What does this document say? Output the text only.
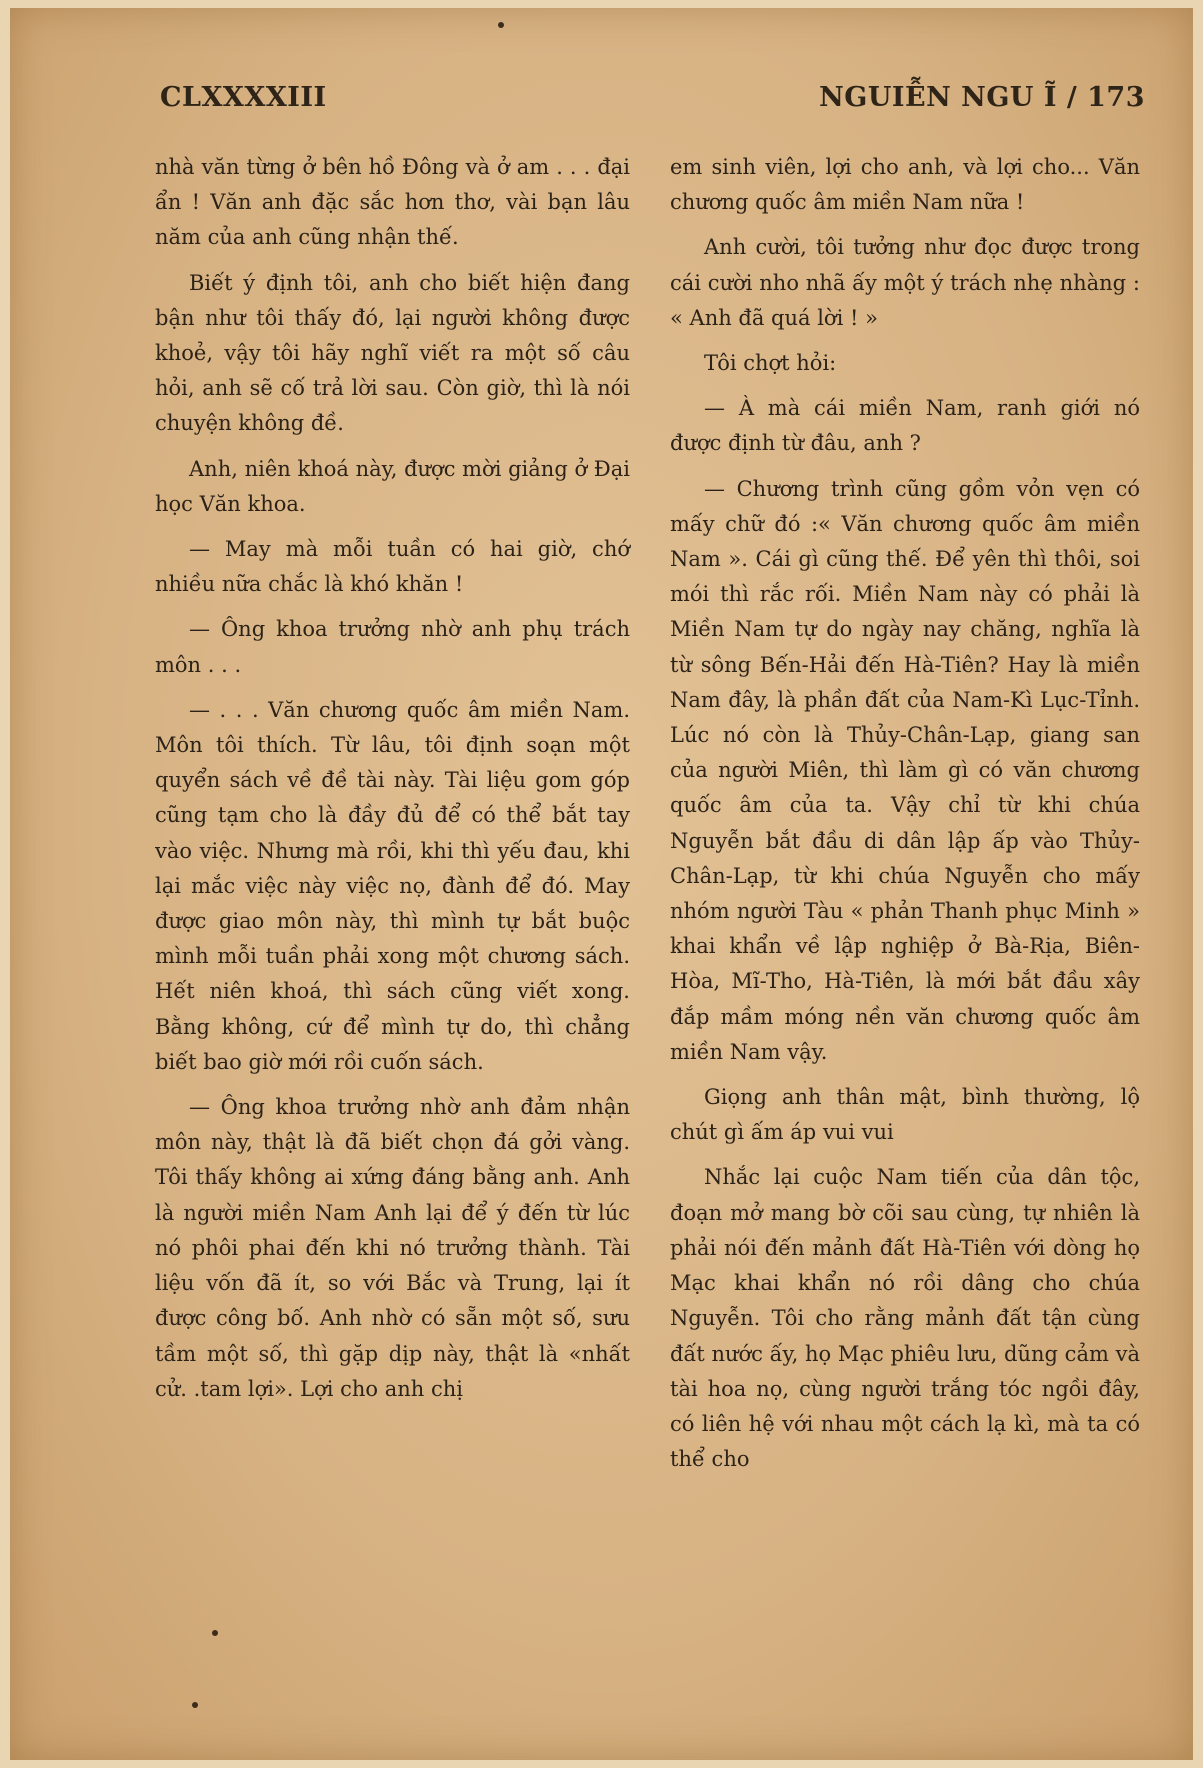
CLXXXXIII	NGUIỄN NGU Ĩ / 173

nhà văn từng ở bên hồ Đông và ở am . . . đại ẩn ! Văn anh đặc sắc hơn thơ, vài bạn lâu năm của anh cũng nhận thế.

Biết ý định tôi, anh cho biết hiện đang bận như tôi thấy đó, lại người không được khoẻ, vậy tôi hãy nghĩ viết ra một số câu hỏi, anh sẽ cố trả lời sau. Còn giờ, thì là nói chuyện không đề.

Anh, niên khoá này, được mời giảng ở Đại học Văn khoa.

— May mà mỗi tuần có hai giờ, chớ nhiều nữa chắc là khó khăn !

— Ông khoa trưởng nhờ anh phụ trách môn . . .

— . . . Văn chương quốc âm miền Nam. Môn tôi thích. Từ lâu, tôi định soạn một quyển sách về đề tài này. Tài liệu gom góp cũng tạm cho là đầy đủ để có thể bắt tay vào việc. Nhưng mà rồi, khi thì yếu đau, khi lại mắc việc này việc nọ, đành để đó. May được giao môn này, thì mình tự bắt buộc mình mỗi tuần phải xong một chương sách. Hết niên khoá, thì sách cũng viết xong. Bằng không, cứ để mình tự do, thì chẳng biết bao giờ mới rồi cuốn sách.

— Ông khoa trưởng nhờ anh đảm nhận môn này, thật là đã biết chọn đá gởi vàng. Tôi thấy không ai xứng đáng bằng anh. Anh là người miền Nam Anh lại để ý đến từ lúc nó phôi phai đến khi nó trưởng thành. Tài liệu vốn đã ít, so với Bắc và Trung, lại ít được công bố. Anh nhờ có sẵn một số, sưu tầm một số, thì gặp dịp này, thật là «nhất cử. .tam lợi». Lợi cho anh chị

em sinh viên, lợi cho anh, và lợi cho... Văn chương quốc âm miền Nam nữa !

Anh cười, tôi tưởng như đọc được trong cái cười nho nhã ấy một ý trách nhẹ nhàng : « Anh đã quá lời ! »

Tôi chợt hỏi:

— À mà cái miền Nam, ranh giới nó được định từ đâu, anh ?

— Chương trình cũng gồm vỏn vẹn có mấy chữ đó :« Văn chương quốc âm miền Nam ». Cái gì cũng thế. Để yên thì thôi, soi mói thì rắc rối. Miền Nam này có phải là Miền Nam tự do ngày nay chăng, nghĩa là từ sông Bến-Hải đến Hà-Tiên? Hay là miền Nam đây, là phần đất của Nam-Kì Lục-Tỉnh. Lúc nó còn là Thủy-Chân-Lạp, giang san của người Miên, thì làm gì có văn chương quốc âm của ta. Vậy chỉ từ khi chúa Nguyễn bắt đầu di dân lập ấp vào Thủy-Chân-Lạp, từ khi chúa Nguyễn cho mấy nhóm người Tàu « phản Thanh phục Minh » khai khẩn về lập nghiệp ở Bà-Rịa, Biên-Hòa, Mĩ-Tho, Hà-Tiên, là mới bắt đầu xây đắp mầm móng nền văn chương quốc âm miền Nam vậy.

Giọng anh thân mật, bình thường, lộ chút gì ấm áp vui vui

Nhắc lại cuộc Nam tiến của dân tộc, đoạn mở mang bờ cõi sau cùng, tự nhiên là phải nói đến mảnh đất Hà-Tiên với dòng họ Mạc khai khẩn nó rồi dâng cho chúa Nguyễn. Tôi cho rằng mảnh đất tận cùng đất nước ấy, họ Mạc phiêu lưu, dũng cảm và tài hoa nọ, cùng người trắng tóc ngồi đây, có liên hệ với nhau một cách lạ kì, mà ta có thể cho
